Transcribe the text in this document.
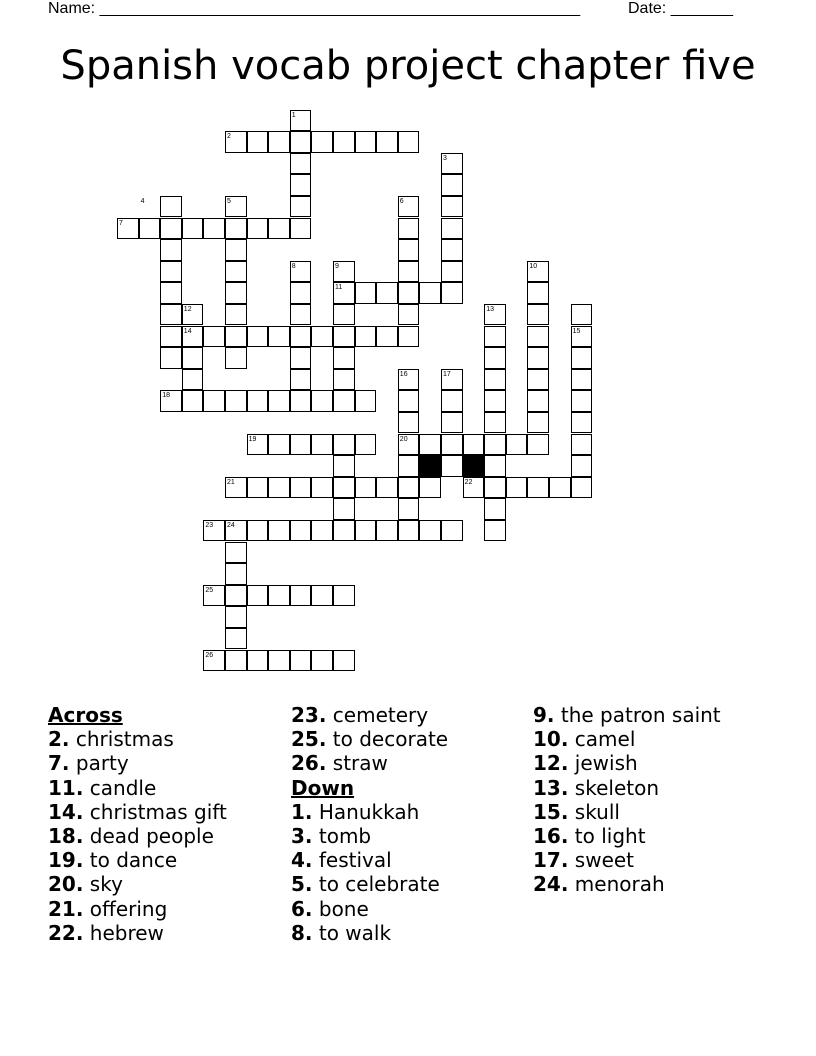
Name: ______________________________________________________	Date: _______
Spanish vocab project chapter five
1
2
3
4	5	6
7
8	9	10
11
12	13
14	15
16	17
18
19	20
21	22
23 24
25
26
Across
2. christmas
7. party
11. candle
14. christmas gift
18. dead people
19. to dance
20. sky
21. offering
22. hebrew
23. cemetery
25. to decorate
26. straw
Down
1. Hanukkah
3. tomb
4. festival
5. to celebrate
6. bone
8. to walk
9. the patron saint
10. camel
12. jewish
13. skeleton
15. skull
16. to light
17. sweet
24. menorah
